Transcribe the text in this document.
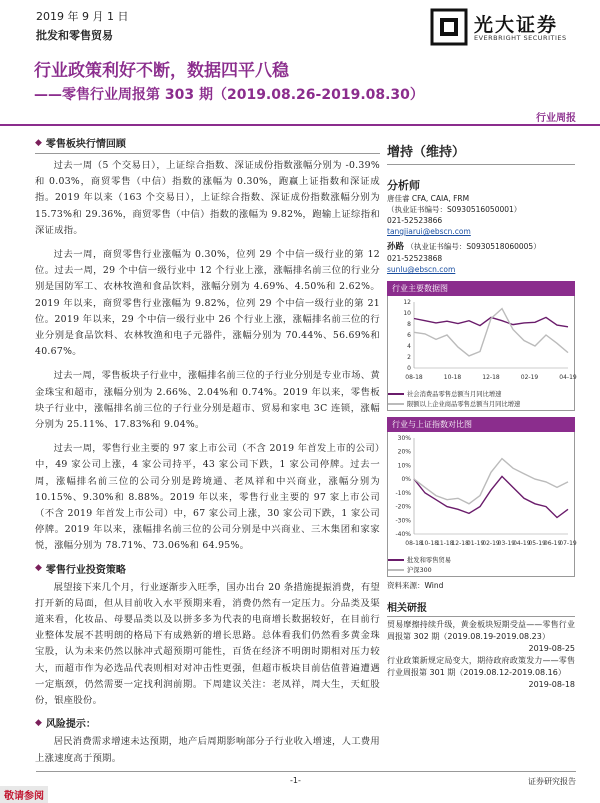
2019 年 9 月 1 日
批发和零售贸易	光大证券
EVERBRIGHT SECURITIES
行业政策利好不断，数据四平八稳
——零售行业周报第 303 期（2019.08.26-2019.08.30）
行业周报
◆ 零售板块行情回顾
过去一周（5 个交易日），上证综合指数、深证成份指数涨幅分别为 -0.39%和 0.03%，商贸零售（中信）指数的涨幅为 0.30%，跑赢上证指数和深证成指。2019 年以来（163 个交易日），上证综合指数、深证成份指数涨幅分别为 15.73%和 29.36%，商贸零售（中信）指数的涨幅为 9.82%，跑输上证综指和深证成指。
过去一周，商贸零售行业涨幅为 0.30%，位列 29 个中信一级行业的第 12 位。过去一周，29 个中信一级行业中 12 个行业上涨，涨幅排名前三位的行业分别是国防军工、农林牧渔和食品饮料，涨幅分别为 4.69%、4.50%和 2.62%。2019 年以来，商贸零售行业涨幅为 9.82%，位列 29 个中信一级行业的第 21 位。2019 年以来，29 个中信一级行业中 26 个行业上涨，涨幅排名前三位的行业分别是食品饮料、农林牧渔和电子元器件，涨幅分别为 70.44%、56.69%和 40.67%。
过去一周，零售板块子行业中，涨幅排名前三位的子行业分别是专业市场、黄金珠宝和超市，涨幅分别为 2.66%、2.04%和 0.74%。2019 年以来，零售板块子行业中，涨幅排名前三位的子行业分别是超市、贸易和家电 3C 连锁，涨幅分别为 25.11%、17.83%和 9.04%。
过去一周，零售行业主要的 97 家上市公司（不含 2019 年首发上市的公司）中，49 家公司上涨，4 家公司持平，43 家公司下跌，1 家公司停牌。过去一周，涨幅排名前三位的公司分别是跨境通、老凤祥和中兴商业，涨幅分别为 10.15%、9.30%和 8.88%。2019 年以来，零售行业主要的 97 家上市公司（不含 2019 年首发上市公司）中，67 家公司上涨，30 家公司下跌，1 家公司停牌。2019 年以来，涨幅排名前三位的公司分别是中兴商业、三木集团和家家悦，涨幅分别为 78.71%、73.06%和 64.95%。
◆ 零售行业投资策略
展望接下来几个月，行业逐渐步入旺季，国办出台 20 条措施提振消费，有望打开新的局面，但从目前收入水平预期来看，消费仍然有一定压力。分品类及渠道来看，化妆品、母婴品类以及以拼多多为代表的电商增长数据较好，在目前行业整体发展不甚明朗的格局下有成熟新的增长思路。总体看我们仍然看多黄金珠宝股，认为未来仍然以脉冲式超预期可能性，百货在经济不明朗时期相对压力较大，而超市作为必选品代表则相对对冲击性更强，但超市板块目前估值普遍遭遇一定瓶颈，仍然需要一定找利润前期。下周建议关注：老凤祥，周大生，天虹股份，银座股份。
◆ 风险提示：
居民消费需求增速未达预期，地产后周期影响部分子行业收入增速，人工费用上涨速度高于预期。
增持（维持）
分析师
唐佳睿 CFA, CAIA, FRM
（执业证书编号：S0930516050001）
021-52523866
tangjiarui@ebscn.com
孙路 （执业证书编号：S0930518060005）
021-52523868
sunlu@ebscn.com
行业主要数据图
0
2
4
6
8
10
12
08-18	10-18	12-18	02-19	04-19
社会消费品零售总额当月同比增速
限额以上企业商品零售总额当月同比增速
行业与上证指数对比图
-40%
-30%
-20%
-10%
0%
10%
20%
30%
08-18
10-18
11-18
12-18
01-19
02-19
03-19
04-19
05-19
06-19
07-19
批发和零售贸易
沪深300
资料来源：Wind
相关研报
贸易摩擦持续升级，黄金板块短期受益——零售行业周报第 302 期（2019.08.19-2019.08.23）
2019-08-25
行业政策新规定局变大，期待政府政策发力——零售行业周报第 301 期（2019.08.12-2019.08.16）
2019-08-18
-1-	证券研究报告
敬请参阅
